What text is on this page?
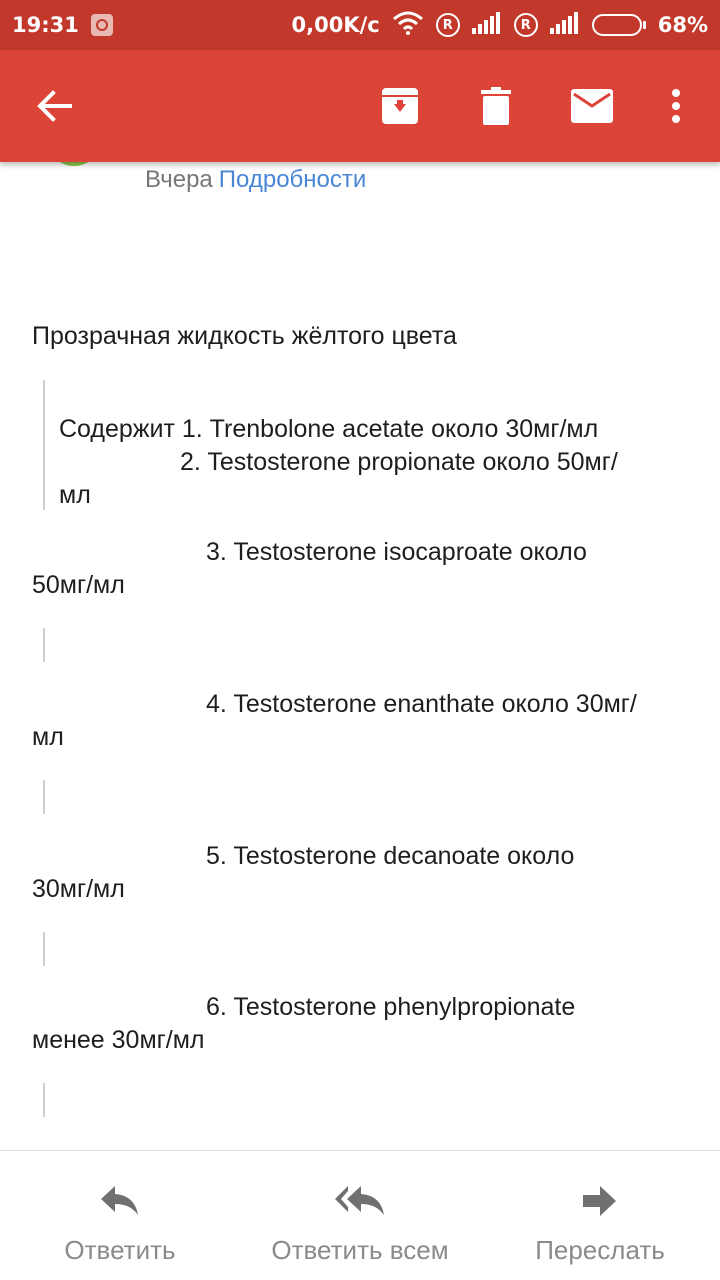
19:31	0,00K/c	R	R	68%
Вчера Подробности
Прозрачная жидкость жёлтого цвета
Содержит 1. Trenbolone acetate около 30мг/мл
2. Testosterone propionate около 50мг/
мл
3. Testosterone isocaproate около
50мг/мл
4. Testosterone enanthate около 30мг/
мл
5. Testosterone decanoate около
30мг/мл
6. Testosterone phenylpropionate
менее 30мг/мл
Ответить	Ответить всем	Переслать
